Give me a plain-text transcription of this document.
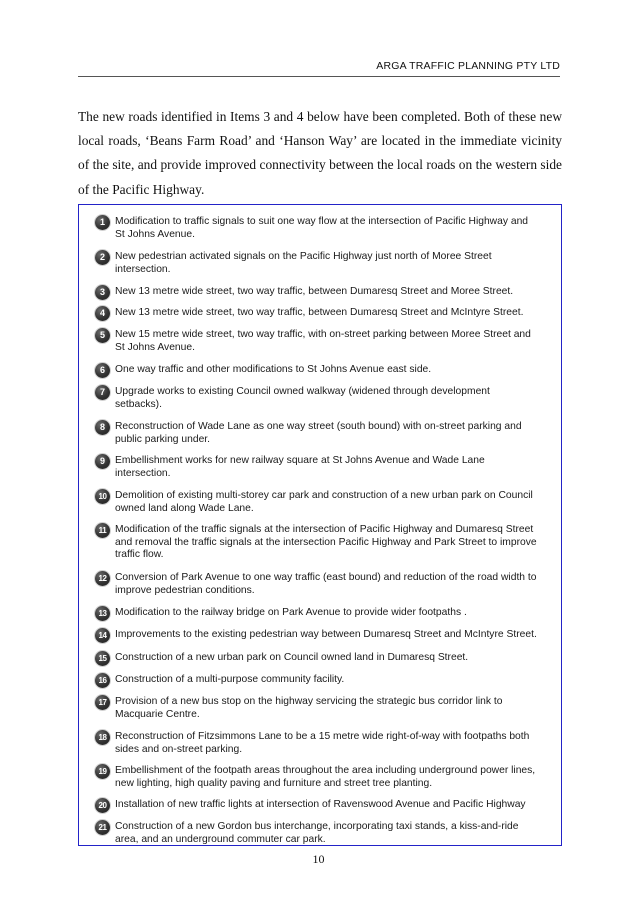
ARGA TRAFFIC PLANNING PTY LTD

The new roads identified in Items 3 and 4 below have been completed. Both of these new local roads, ‘Beans Farm Road’ and ‘Hanson Way’ are located in the immediate vicinity of the site, and provide improved connectivity between the local roads on the western side of the Pacific Highway.

1 Modification to traffic signals to suit one way flow at the intersection of Pacific Highway and St Johns Avenue.
2 New pedestrian activated signals on the Pacific Highway just north of Moree Street intersection.
3 New 13 metre wide street, two way traffic, between Dumaresq Street and Moree Street.
4 New 13 metre wide street, two way traffic, between Dumaresq Street and McIntyre Street.
5 New 15 metre wide street, two way traffic, with on-street parking between Moree Street and St Johns Avenue.
6 One way traffic and other modifications to St Johns Avenue east side.
7 Upgrade works to existing Council owned walkway (widened through development setbacks).
8 Reconstruction of Wade Lane as one way street (south bound) with on-street parking and public parking under.
9 Embellishment works for new railway square at St Johns Avenue and Wade Lane intersection.
10 Demolition of existing multi-storey car park and construction of a new urban park on Council owned land along Wade Lane.
11 Modification of the traffic signals at the intersection of Pacific Highway and Dumaresq Street and removal the traffic signals at the intersection Pacific Highway and Park Street to improve traffic flow.
12 Conversion of Park Avenue to one way traffic (east bound) and reduction of the road width to improve pedestrian conditions.
13 Modification to the railway bridge on Park Avenue to provide wider footpaths .
14 Improvements to the existing pedestrian way between Dumaresq Street and McIntyre Street.
15 Construction of a new urban park on Council owned land in Dumaresq Street.
16 Construction of a multi-purpose community facility.
17 Provision of a new bus stop on the highway servicing the strategic bus corridor link to Macquarie Centre.
18 Reconstruction of Fitzsimmons Lane to be a 15 metre wide right-of-way with footpaths both sides and on-street parking.
19 Embellishment of the footpath areas throughout the area including underground power lines, new lighting, high quality paving and furniture and street tree planting.
20 Installation of new traffic lights at intersection of Ravenswood Avenue and Pacific Highway
21 Construction of a new Gordon bus interchange, incorporating taxi stands, a kiss-and-ride area, and an underground commuter car park.
10
